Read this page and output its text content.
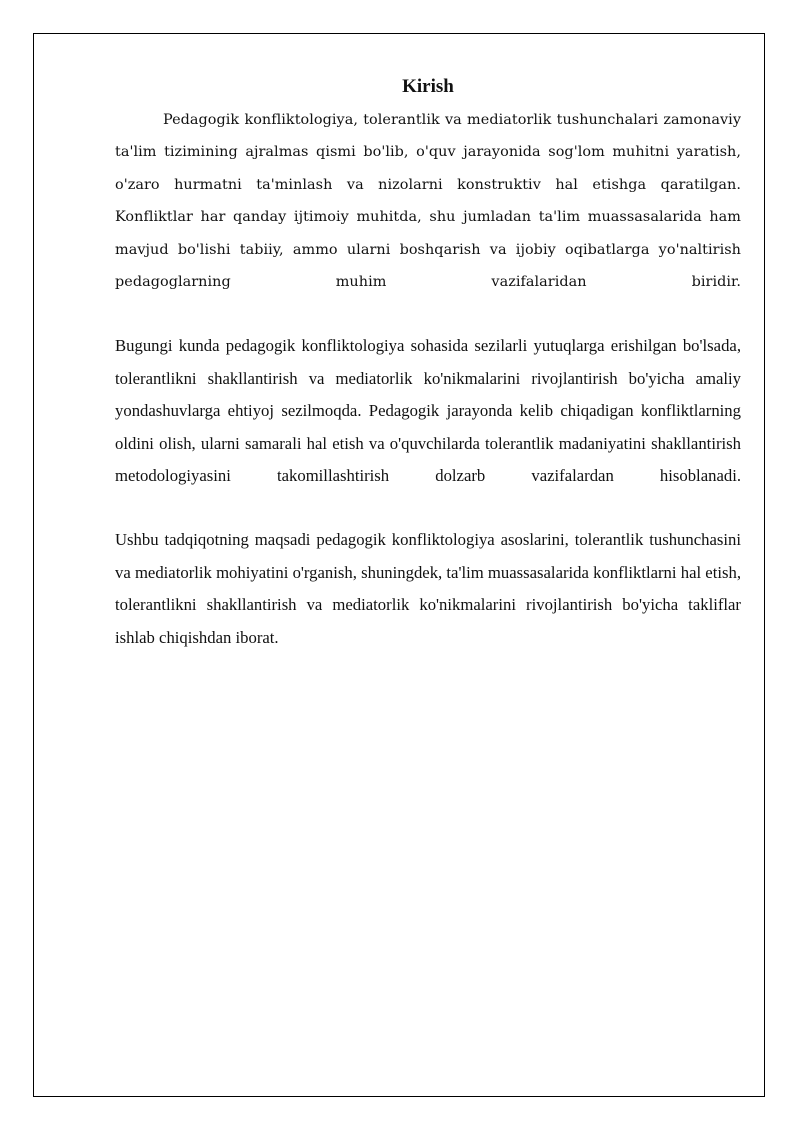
Kirish

Pedagogik konfliktologiya, tolerantlik va mediatorlik tushunchalari zamonaviy ta'lim tizimining ajralmas qismi bo'lib, o'quv jarayonida sog'lom muhitni yaratish, o'zaro hurmatni ta'minlash va nizolarni konstruktiv hal etishga qaratilgan. Konfliktlar har qanday ijtimoiy muhitda, shu jumladan ta'lim muassasalarida ham mavjud bo'lishi tabiiy, ammo ularni boshqarish va ijobiy oqibatlarga yo'naltirish pedagoglarning muhim vazifalaridan biridir.

Bugungi kunda pedagogik konfliktologiya sohasida sezilarli yutuqlarga erishilgan bo'lsada, tolerantlikni shakllantirish va mediatorlik ko'nikmalarini rivojlantirish bo'yicha amaliy yondashuvlarga ehtiyoj sezilmoqda. Pedagogik jarayonda kelib chiqadigan konfliktlarning oldini olish, ularni samarali hal etish va o'quvchilarda tolerantlik madaniyatini shakllantirish metodologiyasini takomillashtirish dolzarb vazifalardan hisoblanadi.

Ushbu tadqiqotning maqsadi pedagogik konfliktologiya asoslarini, tolerantlik tushunchasini va mediatorlik mohiyatini o'rganish, shuningdek, ta'lim muassasalarida konfliktlarni hal etish, tolerantlikni shakllantirish va mediatorlik ko'nikmalarini rivojlantirish bo'yicha takliflar ishlab chiqishdan iborat.
